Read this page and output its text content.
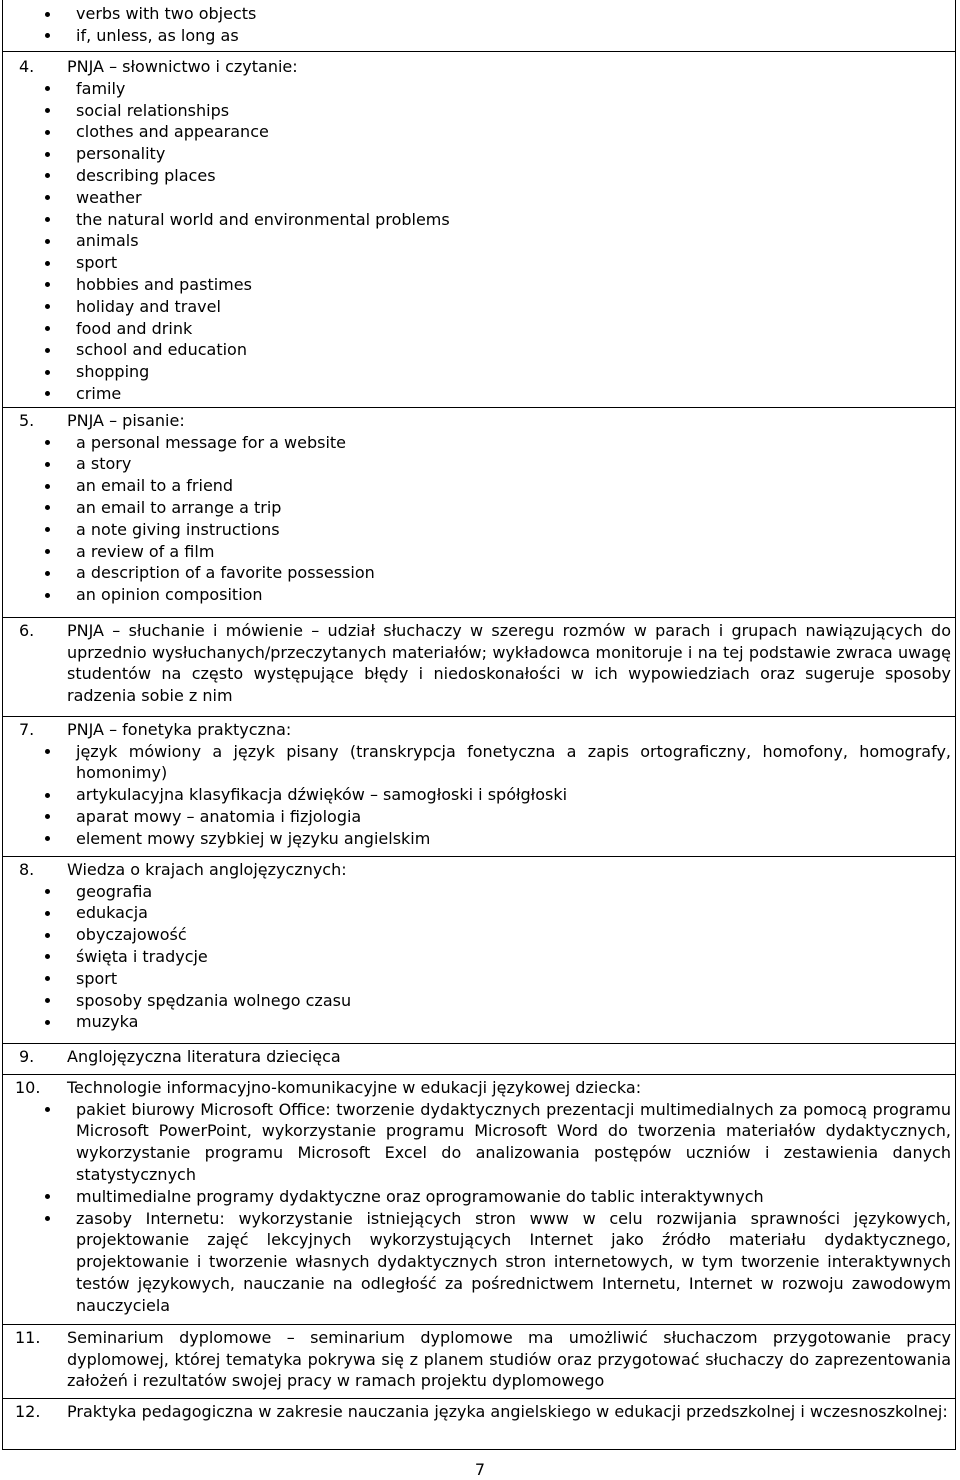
verbs with two objects
if, unless, as long as

4. PNJA – słownictwo i czytanie:
family
social relationships
clothes and appearance
personality
describing places
weather
the natural world and environmental problems
animals
sport
hobbies and pastimes
holiday and travel
food and drink
school and education
shopping
crime

5. PNJA – pisanie:
a personal message for a website
a story
an email to a friend
an email to arrange a trip
a note giving instructions
a review of a film
a description of a favorite possession
an opinion composition

6. PNJA – słuchanie i mówienie – udział słuchaczy w szeregu rozmów w parach i grupach nawiązujących do uprzednio wysłuchanych/przeczytanych materiałów; wykładowca monitoruje i na tej podstawie zwraca uwagę studentów na często występujące błędy i niedoskonałości w ich wypowiedziach oraz sugeruje sposoby radzenia sobie z nim

7. PNJA – fonetyka praktyczna:
język mówiony a język pisany (transkrypcja fonetyczna a zapis ortograficzny, homofony, homografy, homonimy)
artykulacyjna klasyfikacja dźwięków – samogłoski i spółgłoski
aparat mowy – anatomia i fizjologia
element mowy szybkiej w języku angielskim

8. Wiedza o krajach anglojęzycznych:
geografia
edukacja
obyczajowość
święta i tradycje
sport
sposoby spędzania wolnego czasu
muzyka

9. Anglojęzyczna literatura dziecięca

10. Technologie informacyjno-komunikacyjne w edukacji językowej dziecka:
pakiet biurowy Microsoft Office: tworzenie dydaktycznych prezentacji multimedialnych za pomocą programu Microsoft PowerPoint, wykorzystanie programu Microsoft Word do tworzenia materiałów dydaktycznych, wykorzystanie programu Microsoft Excel do analizowania postępów uczniów i zestawienia danych statystycznych
multimedialne programy dydaktyczne oraz oprogramowanie do tablic interaktywnych
zasoby Internetu: wykorzystanie istniejących stron www w celu rozwijania sprawności językowych, projektowanie zajęć lekcyjnych wykorzystujących Internet jako źródło materiału dydaktycznego, projektowanie i tworzenie własnych dydaktycznych stron internetowych, w tym tworzenie interaktywnych testów językowych, nauczanie na odległość za pośrednictwem Internetu, Internet w rozwoju zawodowym nauczyciela

11. Seminarium dyplomowe – seminarium dyplomowe ma umożliwić słuchaczom przygotowanie pracy dyplomowej, której tematyka pokrywa się z planem studiów oraz przygotować słuchaczy do zaprezentowania założeń i rezultatów swojej pracy w ramach projektu dyplomowego

12. Praktyka pedagogiczna w zakresie nauczania języka angielskiego w edukacji przedszkolnej i wczesnoszkolnej:
7
